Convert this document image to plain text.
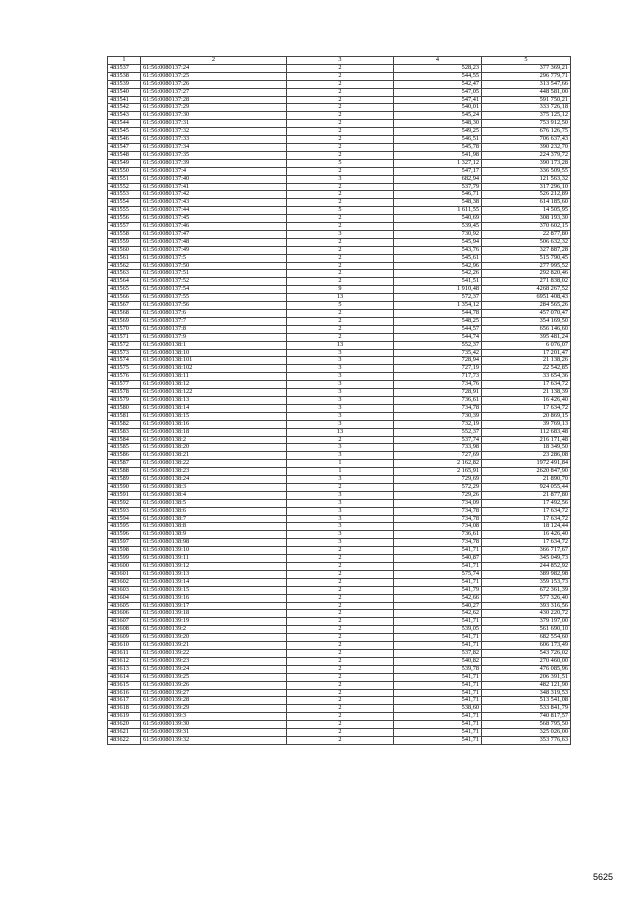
1	2	3	4	5
483537	61:56:0080137:24	2	528,23	377 369,21
483538	61:56:0080137:25	2	544,55	296 779,71
483539	61:56:0080137:26	2	542,47	313 547,66
483540	61:56:0080137:27	2	547,05	448 581,00
483541	61:56:0080137:28	2	547,41	591 750,21
483542	61:56:0080137:29	2	540,01	333 726,18
483543	61:56:0080137:30	2	545,24	375 125,12
483544	61:56:0080137:31	2	548,30	753 912,50
483545	61:56:0080137:32	2	549,25	676 126,75
483546	61:56:0080137:33	2	546,51	706 637,43
483547	61:56:0080137:34	2	545,78	390 232,70
483548	61:56:0080137:35	2	541,98	224 379,72
483549	61:56:0080137:39	5	1 327,12	390 173,28
483550	61:56:0080137:4	2	547,17	336 509,55
483551	61:56:0080137:40	3	682,94	121 563,32
483552	61:56:0080137:41	2	537,79	317 296,10
483553	61:56:0080137:42	2	546,71	526 212,89
483554	61:56:0080137:43	2	548,38	614 185,60
483555	61:56:0080137:44	5	1 611,55	14 505,95
483556	61:56:0080137:45	2	540,69	308 193,30
483557	61:56:0080137:46	2	539,45	370 602,15
483558	61:56:0080137:47	3	730,92	22 877,80
483559	61:56:0080137:48	2	545,94	506 632,32
483560	61:56:0080137:49	2	543,76	327 887,28
483561	61:56:0080137:5	2	545,61	515 790,45
483562	61:56:0080137:50	2	542,96	277 995,52
483563	61:56:0080137:51	2	542,26	292 820,46
483564	61:56:0080137:52	2	541,51	271 838,02
483565	61:56:0080137:54	9	1 910,48	4268 267,52
483566	61:56:0080137:55	13	572,37	6951 408,43
483567	61:56:0080137:56	5	1 354,12	284 565,26
483568	61:56:0080137:6	2	544,78	457 070,47
483569	61:56:0080137:7	2	548,25	354 169,50
483570	61:56:0080137:8	2	544,57	656 146,60
483571	61:56:0080137:9	2	544,74	395 481,24
483572	61:56:0080138:1	13	552,37	6 076,07
483573	61:56:0080138:10	3	735,42	17 201,47
483574	61:56:0080138:101	3	728,94	21 138,26
483575	61:56:0080138:102	3	727,19	22 542,85
483576	61:56:0080138:11	3	717,73	33 654,36
483577	61:56:0080138:12	3	734,76	17 634,72
483578	61:56:0080138:122	3	728,91	21 138,39
483579	61:56:0080138:13	3	736,61	16 426,40
483580	61:56:0080138:14	3	734,78	17 634,72
483581	61:56:0080138:15	3	730,39	20 869,15
483582	61:56:0080138:16	3	732,19	39 769,13
483583	61:56:0080138:18	13	552,37	112 683,48
483584	61:56:0080138:2	2	537,74	216 171,48
483585	61:56:0080138:20	3	733,98	18 349,50
483586	61:56:0080138:21	3	727,69	23 286,08
483587	61:56:0080138:22	1	2 162,82	1972 491,84
483588	61:56:0080138:23	1	2 165,91	2620 847,90
483589	61:56:0080138:24	3	729,69	21 890,70
483590	61:56:0080138:3	2	572,29	924 055,44
483591	61:56:0080138:4	3	729,26	21 877,80
483592	61:56:0080138:5	3	734,09	17 492,56
483593	61:56:0080138:6	3	734,78	17 634,72
483594	61:56:0080138:7	3	734,78	17 634,72
483595	61:56:0080138:8	3	734,08	18 124,44
483596	61:56:0080138:9	3	736,61	16 426,40
483597	61:56:0080138:98	3	734,78	17 634,72
483598	61:56:0080139:10	2	541,71	366 717,67
483599	61:56:0080139:11	2	540,87	345 049,73
483600	61:56:0080139:12	2	541,71	244 852,92
483601	61:56:0080139:13	2	575,74	389 982,98
483602	61:56:0080139:14	2	541,71	359 153,73
483603	61:56:0080139:15	2	541,79	672 361,39
483604	61:56:0080139:16	2	542,66	577 326,40
483605	61:56:0080139:17	2	540,27	393 316,56
483606	61:56:0080139:18	2	542,62	430 220,72
483607	61:56:0080139:19	2	541,71	379 197,00
483608	61:56:0080139:2	2	539,05	561 690,10
483609	61:56:0080139:20	2	541,71	682 554,60
483610	61:56:0080139:21	2	541,71	606 173,49
483611	61:56:0080139:22	2	537,82	543 726,02
483612	61:56:0080139:23	2	540,82	270 460,00
483613	61:56:0080139:24	2	539,78	476 085,96
483614	61:56:0080139:25	2	541,71	206 391,51
483615	61:56:0080139:26	2	541,71	482 121,90
483616	61:56:0080139:27	2	541,71	348 319,53
483617	61:56:0080139:28	2	541,71	513 541,08
483618	61:56:0080139:29	2	538,60	533 841,79
483619	61:56:0080139:3	2	541,71	740 817,57
483620	61:56:0080139:30	2	541,71	568 795,50
483621	61:56:0080139:31	2	541,71	325 026,00
483622	61:56:0080139:32	2	541,71	353 776,63
5625
